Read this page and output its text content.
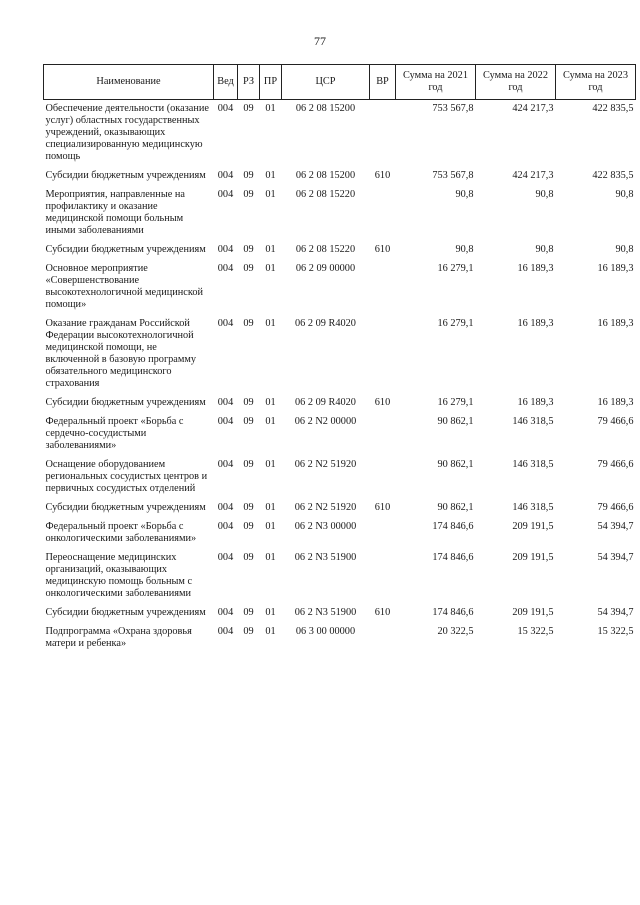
77
Наименование	Вед	РЗ	ПР	ЦСР	ВР	Сумма на 2021 год	Сумма на 2022 год	Сумма на 2023 год
Обеспечение деятельности (оказание услуг) областных государственных учреждений, оказывающих специализированную медицинскую помощь	004	09	01	06 2 08 15200		753 567,8	424 217,3	422 835,5
Субсидии бюджетным учреждениям	004	09	01	06 2 08 15200	610	753 567,8	424 217,3	422 835,5
Мероприятия, направленные на профилактику и оказание медицинской помощи больным иными заболеваниями	004	09	01	06 2 08 15220		90,8	90,8	90,8
Субсидии бюджетным учреждениям	004	09	01	06 2 08 15220	610	90,8	90,8	90,8
Основное мероприятие «Совершенствование высокотехнологичной медицинской помощи»	004	09	01	06 2 09 00000		16 279,1	16 189,3	16 189,3
Оказание гражданам Российской Федерации высокотехнологичной медицинской помощи, не включенной в базовую программу обязательного медицинского страхования	004	09	01	06 2 09 R4020		16 279,1	16 189,3	16 189,3
Субсидии бюджетным учреждениям	004	09	01	06 2 09 R4020	610	16 279,1	16 189,3	16 189,3
Федеральный проект «Борьба с сердечно-сосудистыми заболеваниями»	004	09	01	06 2 N2 00000		90 862,1	146 318,5	79 466,6
Оснащение оборудованием региональных сосудистых центров и первичных сосудистых отделений	004	09	01	06 2 N2 51920		90 862,1	146 318,5	79 466,6
Субсидии бюджетным учреждениям	004	09	01	06 2 N2 51920	610	90 862,1	146 318,5	79 466,6
Федеральный проект «Борьба с онкологическими заболеваниями»	004	09	01	06 2 N3 00000		174 846,6	209 191,5	54 394,7
Переоснащение медицинских организаций, оказывающих медицинскую помощь больным с онкологическими заболеваниями	004	09	01	06 2 N3 51900		174 846,6	209 191,5	54 394,7
Субсидии бюджетным учреждениям	004	09	01	06 2 N3 51900	610	174 846,6	209 191,5	54 394,7
Подпрограмма «Охрана здоровья матери и ребенка»	004	09	01	06 3 00 00000		20 322,5	15 322,5	15 322,5
